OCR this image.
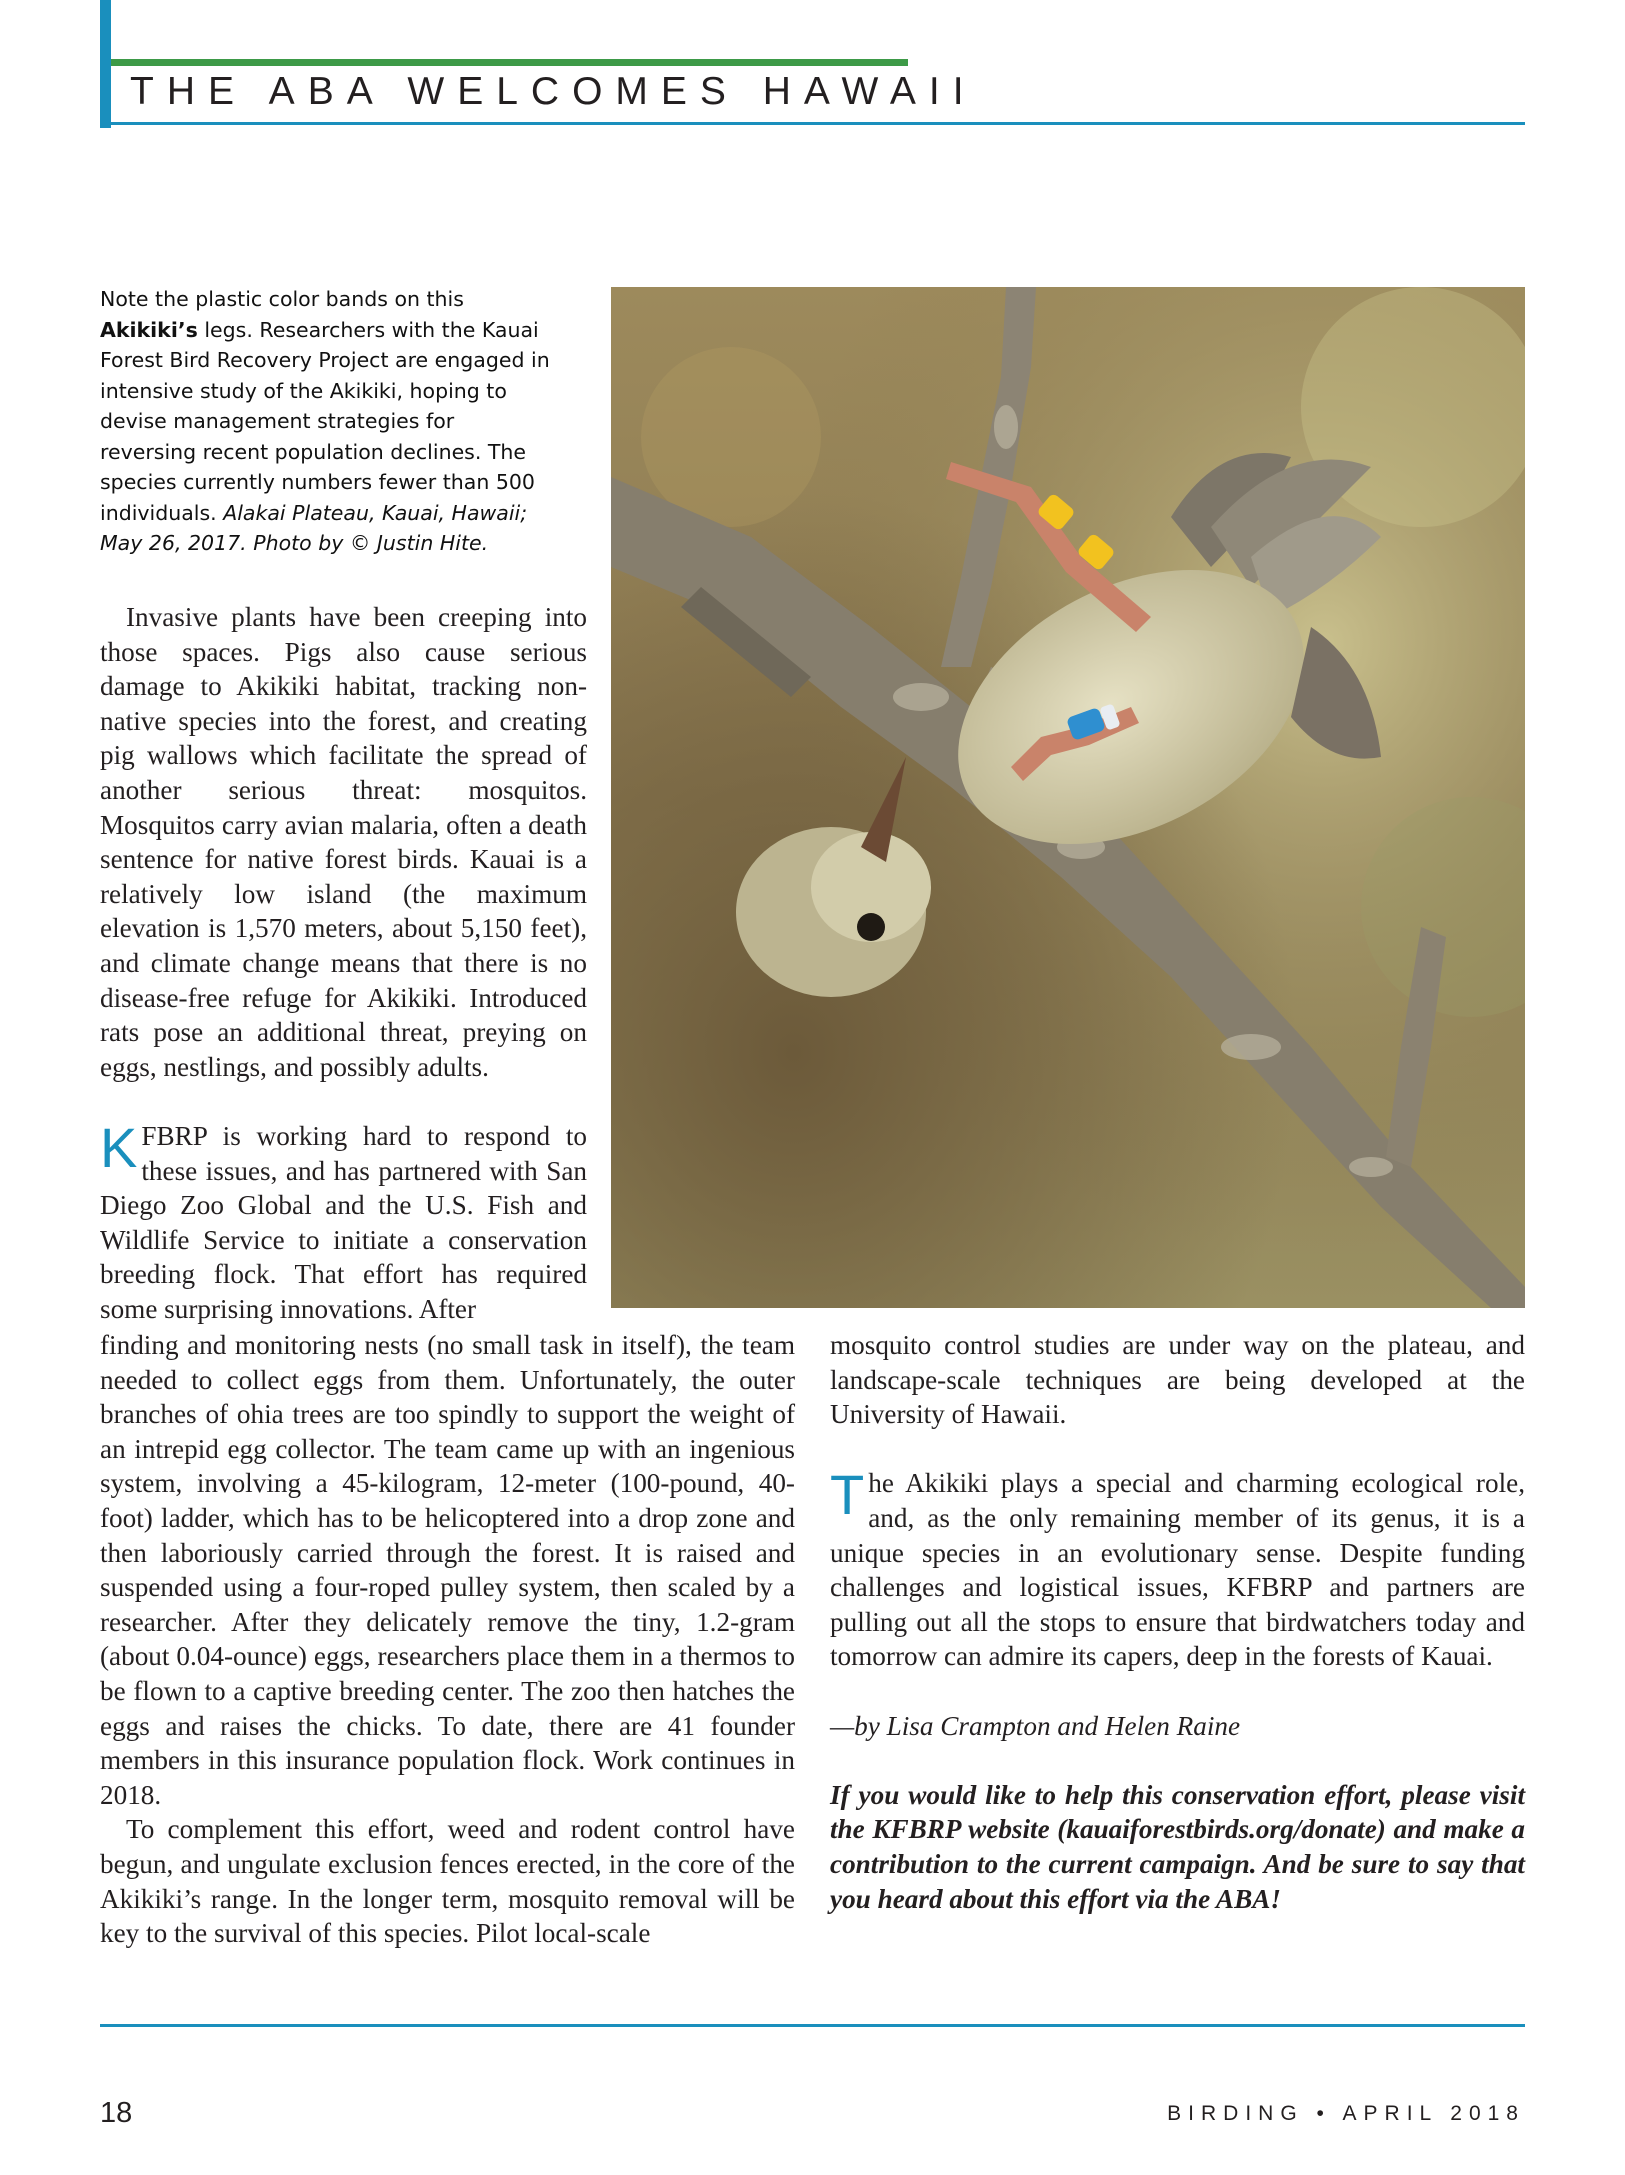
THE ABA WELCOMES HAWAII
Note the plastic color bands on this Akikiki’s legs. Researchers with the Kauai Forest Bird Recovery Project are engaged in intensive study of the Akikiki, hoping to devise management strategies for reversing recent population declines. The species currently numbers fewer than 500 individuals. Alakai Plateau, Kauai, Hawaii; May 26, 2017. Photo by © Justin Hite.

Invasive plants have been creeping into those spaces. Pigs also cause serious damage to Akikiki habitat, tracking non-native species into the forest, and creating pig wallows which facilitate the spread of another serious threat: mosquitos. Mosquitos carry avian malaria, often a death sentence for native forest birds. Kauai is a relatively low island (the maximum elevation is 1,570 meters, about 5,150 feet), and climate change means that there is no disease-free refuge for Akikiki. Introduced rats pose an additional threat, preying on eggs, nestlings, and possibly adults.

KFBRP is working hard to respond to these issues, and has partnered with San Diego Zoo Global and the U.S. Fish and Wildlife Service to initiate a conservation breeding flock. That effort has required some surprising innovations. After

finding and monitoring nests (no small task in itself), the team needed to collect eggs from them. Unfortunately, the outer branches of ohia trees are too spindly to support the weight of an intrepid egg collector. The team came up with an ingenious system, involving a 45-kilogram, 12-meter (100-pound, 40-foot) ladder, which has to be helicoptered into a drop zone and then laboriously carried through the forest. It is raised and suspended using a four-roped pulley system, then scaled by a researcher. After they delicately remove the tiny, 1.2-gram (about 0.04-ounce) eggs, researchers place them in a thermos to be flown to a captive breeding center. The zoo then hatches the eggs and raises the chicks. To date, there are 41 founder members in this insurance population flock. Work continues in 2018.

To complement this effort, weed and rodent control have begun, and ungulate exclusion fences erected, in the core of the Akikiki’s range. In the longer term, mosquito removal will be key to the survival of this species. Pilot local-scale

mosquito control studies are under way on the plateau, and landscape-scale techniques are being developed at the University of Hawaii.

The Akikiki plays a special and charming ecological role, and, as the only remaining member of its genus, it is a unique species in an evolutionary sense. Despite funding challenges and logistical issues, KFBRP and partners are pulling out all the stops to ensure that birdwatchers today and tomorrow can admire its capers, deep in the forests of Kauai.

—by Lisa Crampton and Helen Raine

If you would like to help this conservation effort, please visit the KFBRP website (kauaiforestbirds.org/donate) and make a contribution to the current campaign. And be sure to say that you heard about this effort via the ABA!

18	BIRDING • APRIL 2018
